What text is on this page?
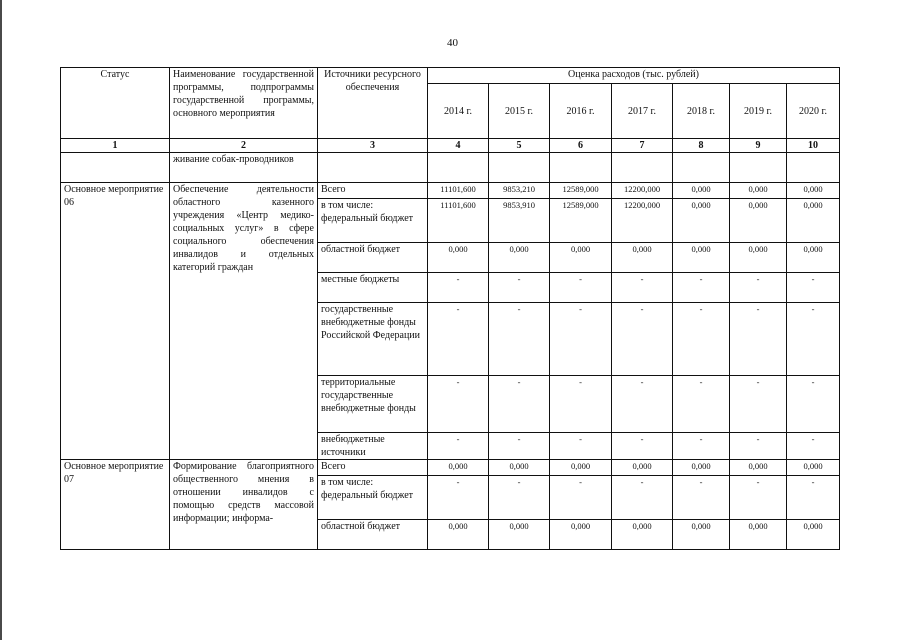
40
Статус	Наименование государственной программы, подпрограммы государственной программы, основного мероприятия	Источники ресурсного обеспечения	Оценка расходов (тыс. рублей)						
			2014 г.	2015 г.	2016 г.	2017 г.	2018 г.	2019 г.	2020 г.
1	2	3	4	5	6	7	8	9	10
	живание собак-проводников								
Основное мероприятие 06	Обеспечение деятельности областного казенного учреждения «Центр медико-социальных услуг» в сфере социального обеспечения инвалидов и отдельных категорий граждан	Всего	11101,600	9853,210	12589,000	12200,000	0,000	0,000	0,000
		в том числе: федеральный бюджет	11101,600	9853,910	12589,000	12200,000	0,000	0,000	0,000
		областной бюджет	0,000	0,000	0,000	0,000	0,000	0,000	0,000
		местные бюджеты	-	-	-	-	-	-	-
		государственные внебюджетные фонды Российской Федерации	-	-	-	-	-	-	-
		территориальные государственные внебюджетные фонды	-	-	-	-	-	-	-
		внебюджетные источники	-	-	-	-	-	-	-
Основное мероприятие 07	Формирование благоприятного общественного мнения в отношении инвалидов с помощью средств массовой информации; информа-	Всего	0,000	0,000	0,000	0,000	0,000	0,000	0,000
		в том числе: федеральный бюджет	-	-	-	-	-	-	-
		областной бюджет	0,000	0,000	0,000	0,000	0,000	0,000	0,000
